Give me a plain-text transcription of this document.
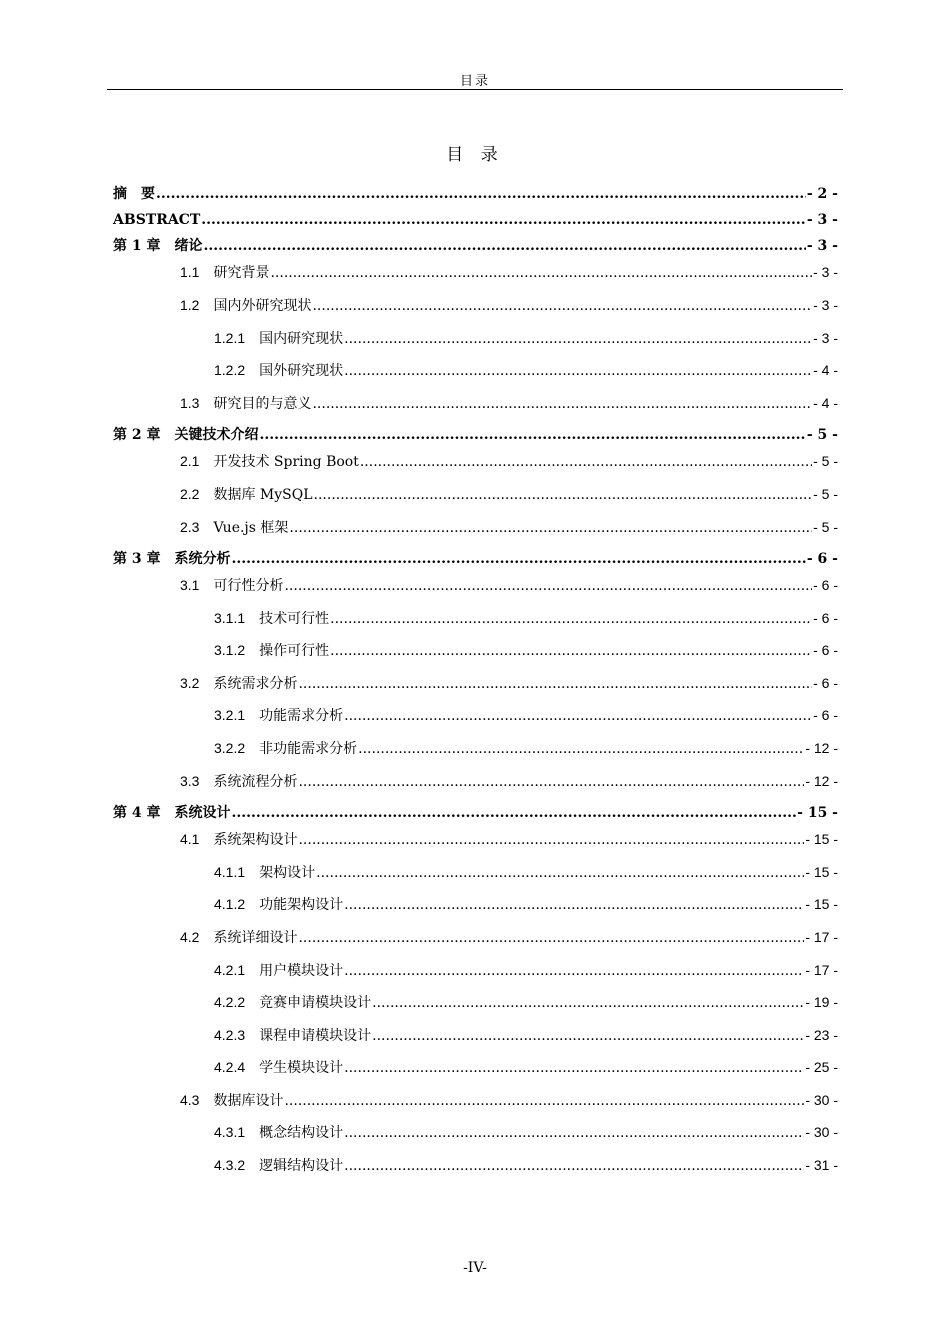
目录
目 录
摘　要 .....	- 2 -
ABSTRACT .....	- 3 -
第 1 章 绪论 .....	- 3 -
1.1 研究背景 .....	- 3 -
1.2 国内外研究现状 .....	- 3 -
1.2.1 国内研究现状 .....	- 3 -
1.2.2 国外研究现状 .....	- 4 -
1.3 研究目的与意义 .....	- 4 -
第 2 章 关键技术介绍 .....	- 5 -
2.1 开发技术 Spring Boot .....	- 5 -
2.2 数据库 MySQL .....	- 5 -
2.3 Vue.js 框架 .....	- 5 -
第 3 章 系统分析 .....	- 6 -
3.1 可行性分析 .....	- 6 -
3.1.1 技术可行性 .....	- 6 -
3.1.2 操作可行性 .....	- 6 -
3.2 系统需求分析 .....	- 6 -
3.2.1 功能需求分析 .....	- 6 -
3.2.2 非功能需求分析 .....	- 12 -
3.3 系统流程分析 .....	- 12 -
第 4 章 系统设计 .....	- 15 -
4.1 系统架构设计 .....	- 15 -
4.1.1 架构设计 .....	- 15 -
4.1.2 功能架构设计 .....	- 15 -
4.2 系统详细设计 .....	- 17 -
4.2.1 用户模块设计 .....	- 17 -
4.2.2 竞赛申请模块设计 .....	- 19 -
4.2.3 课程申请模块设计 .....	- 23 -
4.2.4 学生模块设计 .....	- 25 -
4.3 数据库设计 .....	- 30 -
4.3.1 概念结构设计 .....	- 30 -
4.3.2 逻辑结构设计 .....	- 31 -
-IV-
